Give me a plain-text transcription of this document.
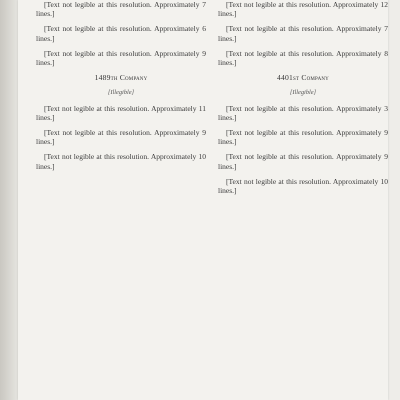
[Text not legible at this resolution. Approximately 7 lines.]

[Text not legible at this resolution. Approximately 6 lines.]

[Text not legible at this resolution. Approximately 9 lines.]

1489th Company

[Illegible]

[Text not legible at this resolution. Approximately 11 lines.]

[Text not legible at this resolution. Approximately 9 lines.]

[Text not legible at this resolution. Approximately 10 lines.]

[Text not legible at this resolution. Approximately 12 lines.]

[Text not legible at this resolution. Approximately 7 lines.]

[Text not legible at this resolution. Approximately 8 lines.]

4401st Company

[Illegible]

[Text not legible at this resolution. Approximately 3 lines.]

[Text not legible at this resolution. Approximately 9 lines.]

[Text not legible at this resolution. Approximately 9 lines.]

[Text not legible at this resolution. Approximately 10 lines.]
